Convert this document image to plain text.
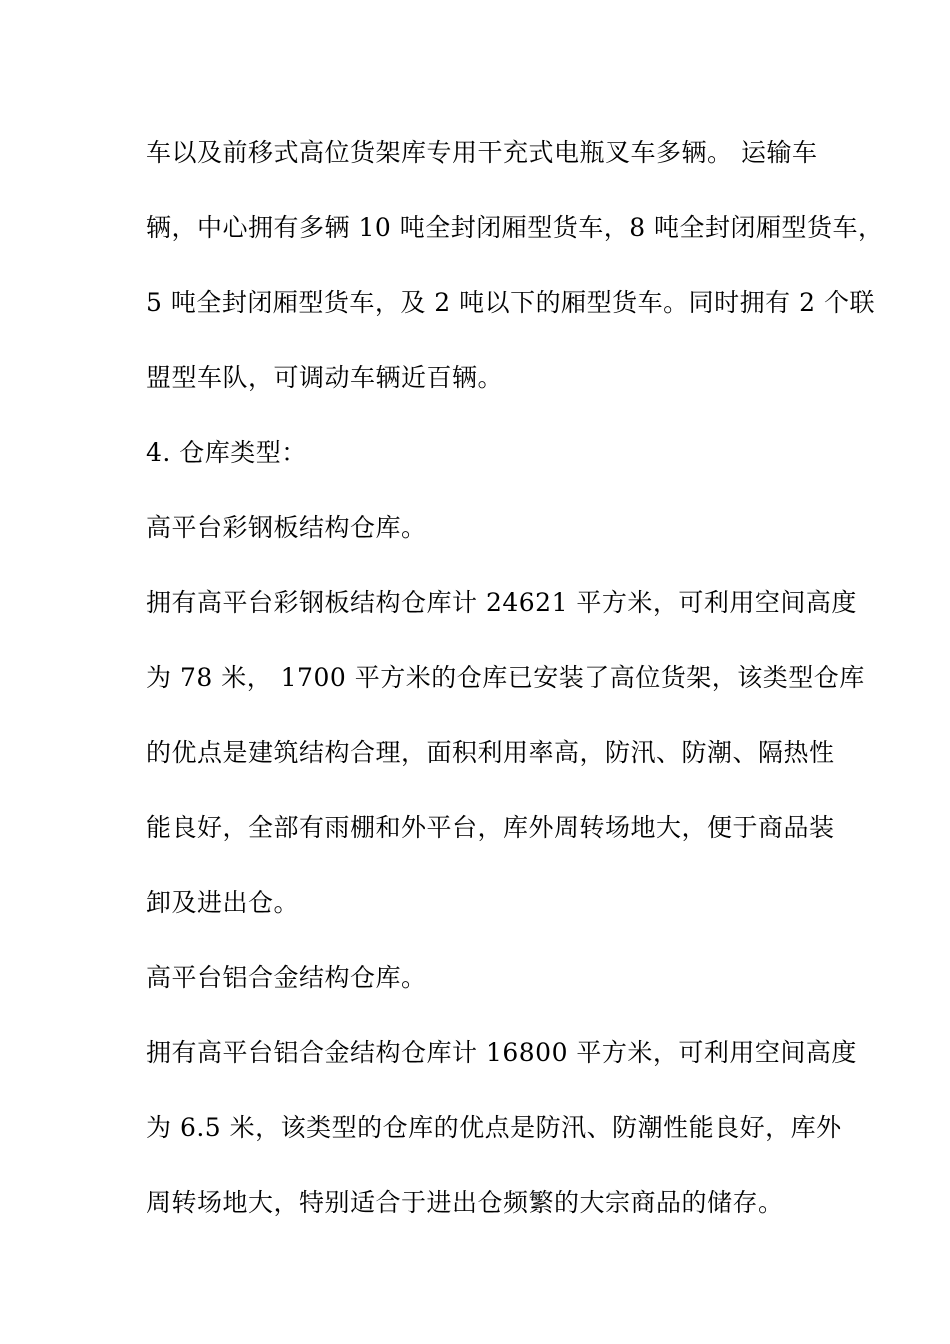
车以及前移式高位货架库专用干充式电瓶叉车多辆。 运输车
辆，中心拥有多辆 10 吨全封闭厢型货车，8 吨全封闭厢型货车，
5 吨全封闭厢型货车，及 2 吨以下的厢型货车。同时拥有 2 个联
盟型车队，可调动车辆近百辆。
4. 仓库类型：
高平台彩钢板结构仓库。
拥有高平台彩钢板结构仓库计 24621 平方米，可利用空间高度
为 78 米， 1700 平方米的仓库已安装了高位货架，该类型仓库
的优点是建筑结构合理，面积利用率高，防汛、防潮、隔热性
能良好，全部有雨棚和外平台，库外周转场地大，便于商品装
卸及进出仓。
高平台铝合金结构仓库。
拥有高平台铝合金结构仓库计 16800 平方米，可利用空间高度
为 6.5 米，该类型的仓库的优点是防汛、防潮性能良好，库外
周转场地大，特别适合于进出仓频繁的大宗商品的储存。
